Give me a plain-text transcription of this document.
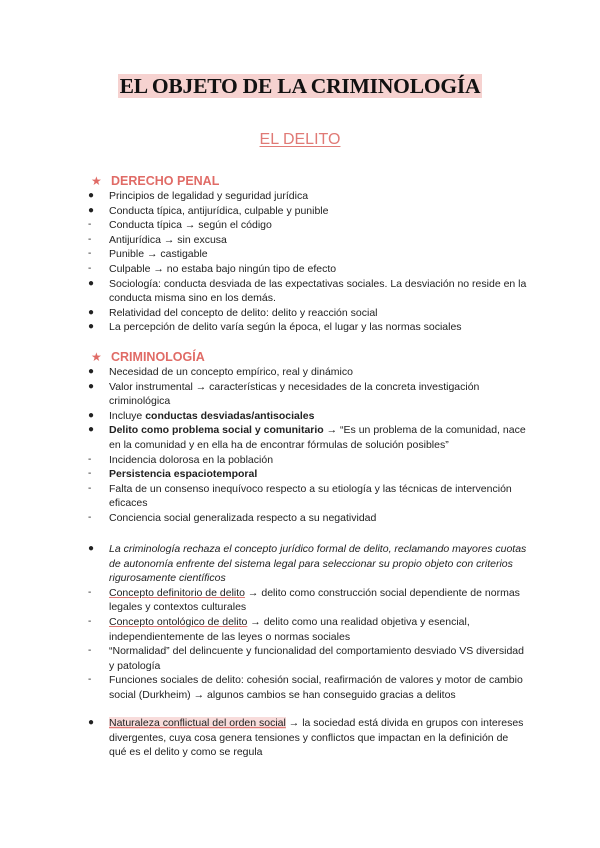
EL OBJETO DE LA CRIMINOLOGÍA
EL DELITO
★ DERECHO PENAL
●	Principios de legalidad y seguridad jurídica
●	Conducta típica, antijurídica, culpable y punible
-	Conducta típica → según el código
-	Antijurídica → sin excusa
-	Punible → castigable
-	Culpable → no estaba bajo ningún tipo de efecto
●	Sociología: conducta desviada de las expectativas sociales. La desviación no reside en la conducta misma sino en los demás.
●	Relatividad del concepto de delito: delito y reacción social
●	La percepción de delito varía según la época, el lugar y las normas sociales
★ CRIMINOLOGÍA
●	Necesidad de un concepto empírico, real y dinámico
●	Valor instrumental → características y necesidades de la concreta investigación criminológica
●	Incluye conductas desviadas/antisociales
●	Delito como problema social y comunitario → “Es un problema de la comunidad, nace en la comunidad y en ella ha de encontrar fórmulas de solución posibles”
-	Incidencia dolorosa en la población
-	Persistencia espaciotemporal
-	Falta de un consenso inequívoco respecto a su etiología y las técnicas de intervención eficaces
-	Conciencia social generalizada respecto a su negatividad
●	La criminología rechaza el concepto jurídico formal de delito, reclamando mayores cuotas de autonomía enfrente del sistema legal para seleccionar su propio objeto con criterios rigurosamente científicos
-	Concepto definitorio de delito → delito como construcción social dependiente de normas legales y contextos culturales
-	Concepto ontológico de delito → delito como una realidad objetiva y esencial, independientemente de las leyes o normas sociales
-	“Normalidad” del delincuente y funcionalidad del comportamiento desviado VS diversidad y patología
-	Funciones sociales de delito: cohesión social, reafirmación de valores y motor de cambio social (Durkheim) → algunos cambios se han conseguido gracias a delitos
●	Naturaleza conflictual del orden social → la sociedad está divida en grupos con intereses divergentes, cuya cosa genera tensiones y conflictos que impactan en la definición de qué es el delito y como se regula
